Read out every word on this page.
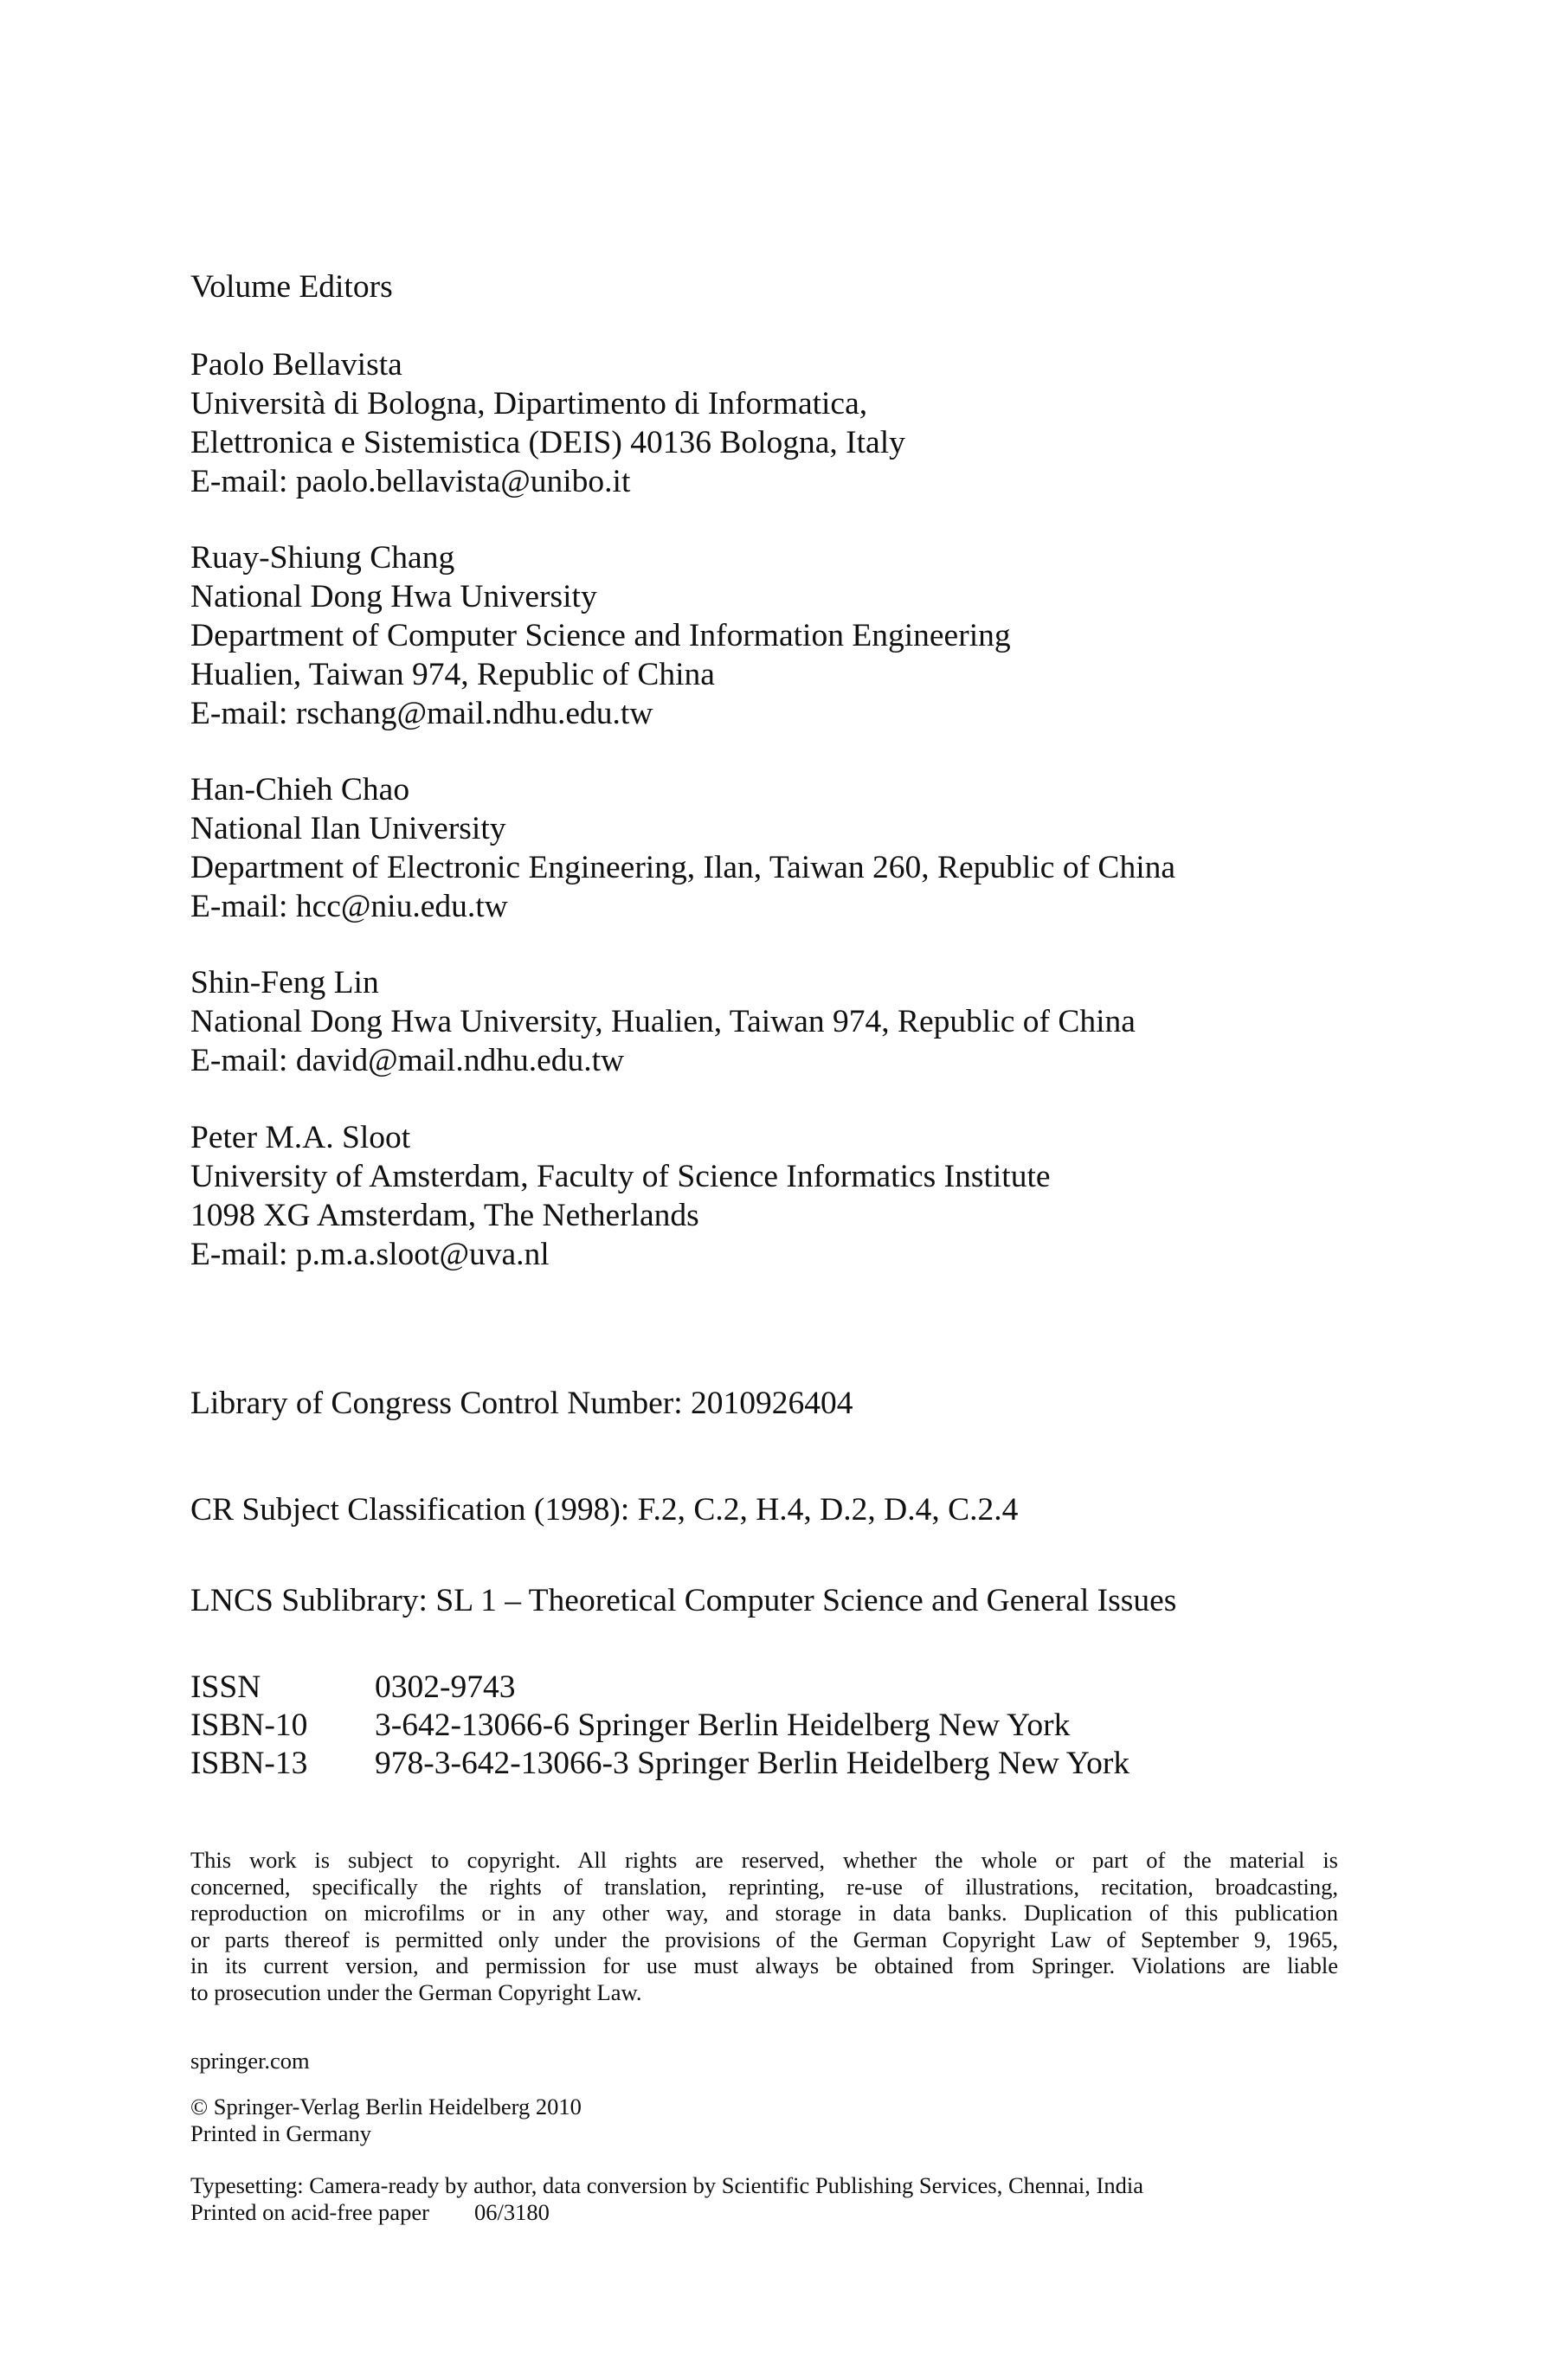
Volume Editors
Paolo Bellavista
Università di Bologna, Dipartimento di Informatica,
Elettronica e Sistemistica (DEIS) 40136 Bologna, Italy
E-mail: paolo.bellavista@unibo.it
Ruay-Shiung Chang
National Dong Hwa University
Department of Computer Science and Information Engineering
Hualien, Taiwan 974, Republic of China
E-mail: rschang@mail.ndhu.edu.tw
Han-Chieh Chao
National Ilan University
Department of Electronic Engineering, Ilan, Taiwan 260, Republic of China
E-mail: hcc@niu.edu.tw
Shin-Feng Lin
National Dong Hwa University, Hualien, Taiwan 974, Republic of China
E-mail: david@mail.ndhu.edu.tw
Peter M.A. Sloot
University of Amsterdam, Faculty of Science Informatics Institute
1098 XG Amsterdam, The Netherlands
E-mail: p.m.a.sloot@uva.nl
Library of Congress Control Number: 2010926404
CR Subject Classification (1998): F.2, C.2, H.4, D.2, D.4, C.2.4
LNCS Sublibrary: SL 1 – Theoretical Computer Science and General Issues
ISSN	0302-9743
ISBN-10	3-642-13066-6 Springer Berlin Heidelberg New York
ISBN-13	978-3-642-13066-3 Springer Berlin Heidelberg New York
This work is subject to copyright. All rights are reserved, whether the whole or part of the material is
concerned, specifically the rights of translation, reprinting, re-use of illustrations, recitation, broadcasting,
reproduction on microfilms or in any other way, and storage in data banks. Duplication of this publication
or parts thereof is permitted only under the provisions of the German Copyright Law of September 9, 1965,
in its current version, and permission for use must always be obtained from Springer. Violations are liable
to prosecution under the German Copyright Law.
springer.com
© Springer-Verlag Berlin Heidelberg 2010
Printed in Germany
Typesetting: Camera-ready by author, data conversion by Scientific Publishing Services, Chennai, India
Printed on acid-free paper	06/3180
